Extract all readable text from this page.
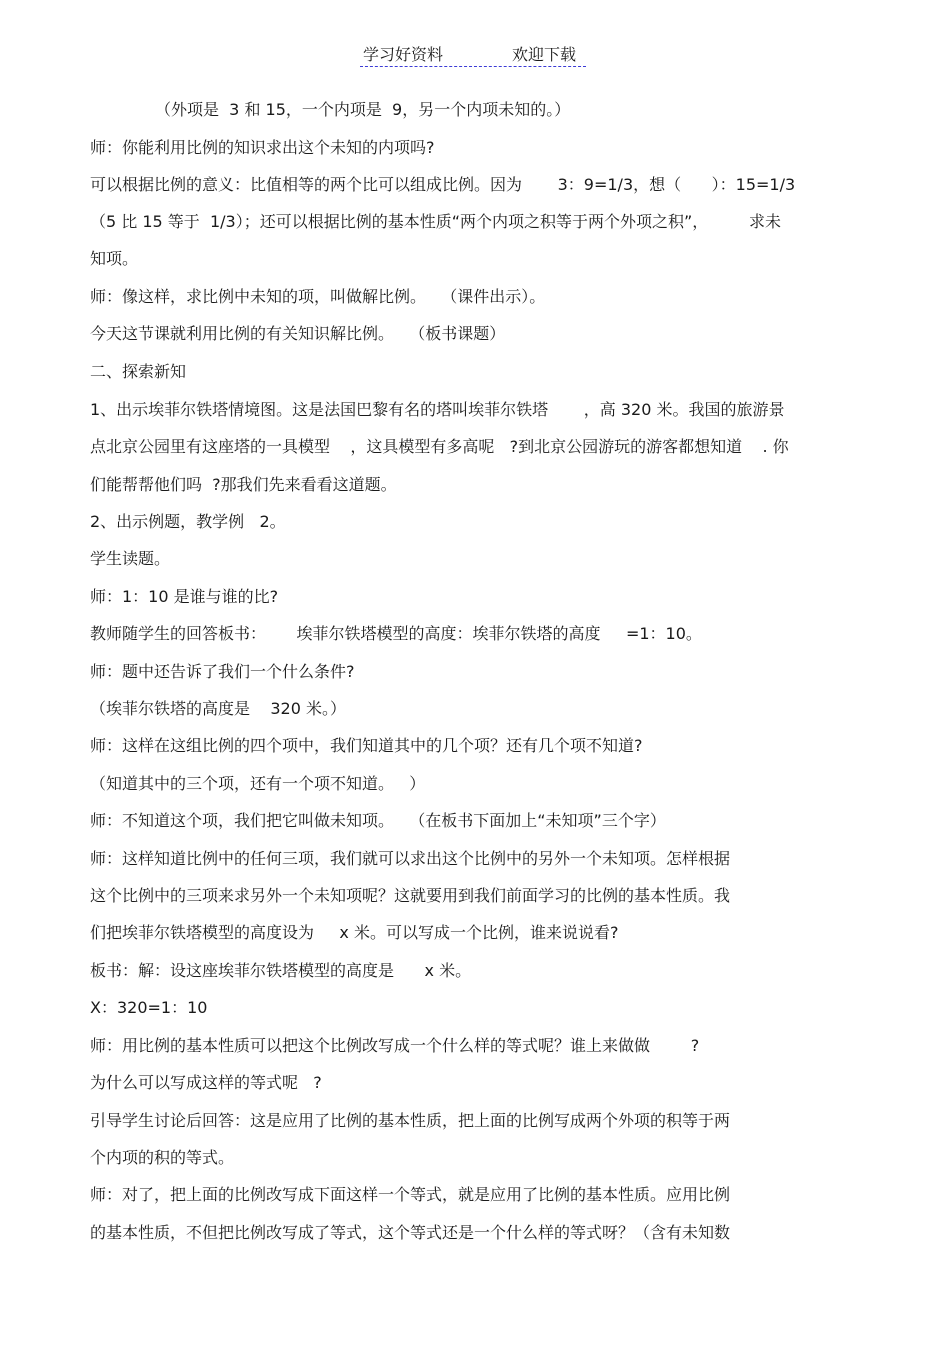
学习好资料	欢迎下载
（外项是  3 和 15，一个内项是  9，另一个内项未知的。）
师：你能利用比例的知识求出这个未知的内项吗?
可以根据比例的意义：比值相等的两个比可以组成比例。因为       3：9=1/3，想（      ）：15=1/3
（5 比 15 等于  1/3）；还可以根据比例的基本性质“两个内项之积等于两个外项之积”，        求未
知项。
师：像这样，求比例中未知的项，叫做解比例。   （课件出示）。
今天这节课就利用比例的有关知识解比例。   （板书课题）
二、探索新知
1、出示埃菲尔铁塔情境图。这是法国巴黎有名的塔叫埃菲尔铁塔       ，高 320 米。我国的旅游景
点北京公园里有这座塔的一具模型    ，这具模型有多高呢   ?到北京公园游玩的游客都想知道    . 你
们能帮帮他们吗  ?那我们先来看看这道题。
2、出示例题，教学例   2。
学生读题。
师：1：10 是谁与谁的比?
教师随学生的回答板书：      埃菲尔铁塔模型的高度：埃菲尔铁塔的高度     =1：10。
师：题中还告诉了我们一个什么条件?
（埃菲尔铁塔的高度是    320 米。）
师：这样在这组比例的四个项中，我们知道其中的几个项？还有几个项不知道?
（知道其中的三个项，还有一个项不知道。   ）
师：不知道这个项，我们把它叫做未知项。   （在板书下面加上“未知项”三个字）
师：这样知道比例中的任何三项，我们就可以求出这个比例中的另外一个未知项。怎样根据
这个比例中的三项来求另外一个未知项呢？这就要用到我们前面学习的比例的基本性质。我
们把埃菲尔铁塔模型的高度设为     x 米。可以写成一个比例，谁来说说看?
板书：解：设这座埃菲尔铁塔模型的高度是      x 米。
X：320=1：10
师：用比例的基本性质可以把这个比例改写成一个什么样的等式呢？谁上来做做        ?
为什么可以写成这样的等式呢   ?
引导学生讨论后回答：这是应用了比例的基本性质，把上面的比例写成两个外项的积等于两
个内项的积的等式。
师：对了，把上面的比例改写成下面这样一个等式，就是应用了比例的基本性质。应用比例
的基本性质，不但把比例改写成了等式，这个等式还是一个什么样的等式呀？（含有未知数
